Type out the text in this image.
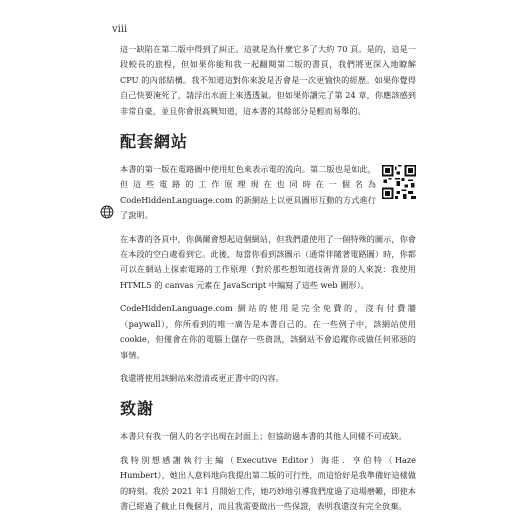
viii

這一缺陷在第二版中得到了糾正。這就是為什麼它多了大約 70 頁。是的，這是一段較長的旅程，但如果你能和我一起翻閱第二版的書頁，我們將更深入地瞭解 CPU 的內部結構。我不知道這對你來說是否會是一次更愉快的經歷。如果你覺得自己快要淹死了，請浮出水面上來透透氣。但如果你讀完了第 24 章，你應該感到非常自豪，並且你會很高興知道，這本書的其餘部分是輕而易舉的。

配套網站

本書的第一版在電路圖中使用紅色來表示電的流向。第二版也是如此，但這些電路的工作原理現在也同時在一個名為 CodeHiddenLanguage.com 的新網站上以更具圖形互動的方式進行了說明。

在本書的各頁中，你偶爾會想起這個網站，但我們還使用了一個特殊的圖示，你會在本段的空白處看到它。此後，每當你看到該圖示（通常伴隨著電路圖）時，你都可以在網站上探索電路的工作原理（對於那些想知道技術背景的人來說：我使用HTML5 的 canvas 元素在 JavaScript 中編寫了這些 web 圖形）。

CodeHiddenLanguage.com 網站的使用是完全免費的，沒有付費牆（paywall），你所看到的唯一廣告是本書自己的。在一些例子中，該網站使用 cookie，但僅會在你的電腦上儲存一些資訊，該網站不會追蹤你或做任何邪惡的事情。

我還將使用該網站來澄清或更正書中的內容。

致謝

本書只有我一個人的名字出現在封面上；但協助過本書的其他人同樣不可或缺。

我特別想感謝執行主編（Executive Editor）海莊．亨伯特（Haze Humbert），她出人意料地向我提出第二版的可行性，而這恰好是我準備好這樣做的時刻。我於 2021 年1 月開始工作，她巧妙地引導我們度過了這場磨難，即使本書已經過了截止日幾個月，而且我需要做出一些保證，表明我還沒有完全放棄。
